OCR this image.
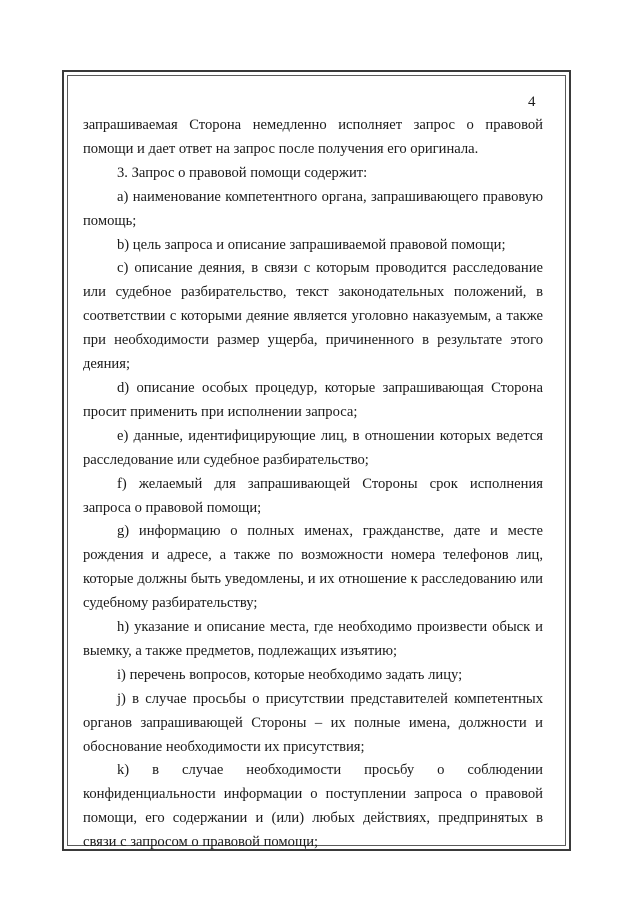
4

запрашиваемая Сторона немедленно исполняет запрос о правовой помощи и дает ответ на запрос после получения его оригинала.

3. Запрос о правовой помощи содержит:

a) наименование компетентного органа, запрашивающего правовую помощь;

b) цель запроса и описание запрашиваемой правовой помощи;

c) описание деяния, в связи с которым проводится расследование или судебное разбирательство, текст законодательных положений, в соответствии с которыми деяние является уголовно наказуемым, а также при необходимости размер ущерба, причиненного в результате этого деяния;

d) описание особых процедур, которые запрашивающая Сторона просит применить при исполнении запроса;

e) данные, идентифицирующие лиц, в отношении которых ведется расследование или судебное разбирательство;

f) желаемый для запрашивающей Стороны срок исполнения запроса о правовой помощи;

g) информацию о полных именах, гражданстве, дате и месте рождения и адресе, а также по возможности номера телефонов лиц, которые должны быть уведомлены, и их отношение к расследованию или судебному разбирательству;

h) указание и описание места, где необходимо произвести обыск и выемку, а также предметов, подлежащих изъятию;

i) перечень вопросов, которые необходимо задать лицу;

j) в случае просьбы о присутствии представителей компетентных органов запрашивающей Стороны – их полные имена, должности и обоснование необходимости их присутствия;

k) в случае необходимости просьбу о соблюдении конфиденциальности информации о поступлении запроса о правовой помощи, его содержании и (или) любых действиях, предпринятых в связи с запросом о правовой помощи;
